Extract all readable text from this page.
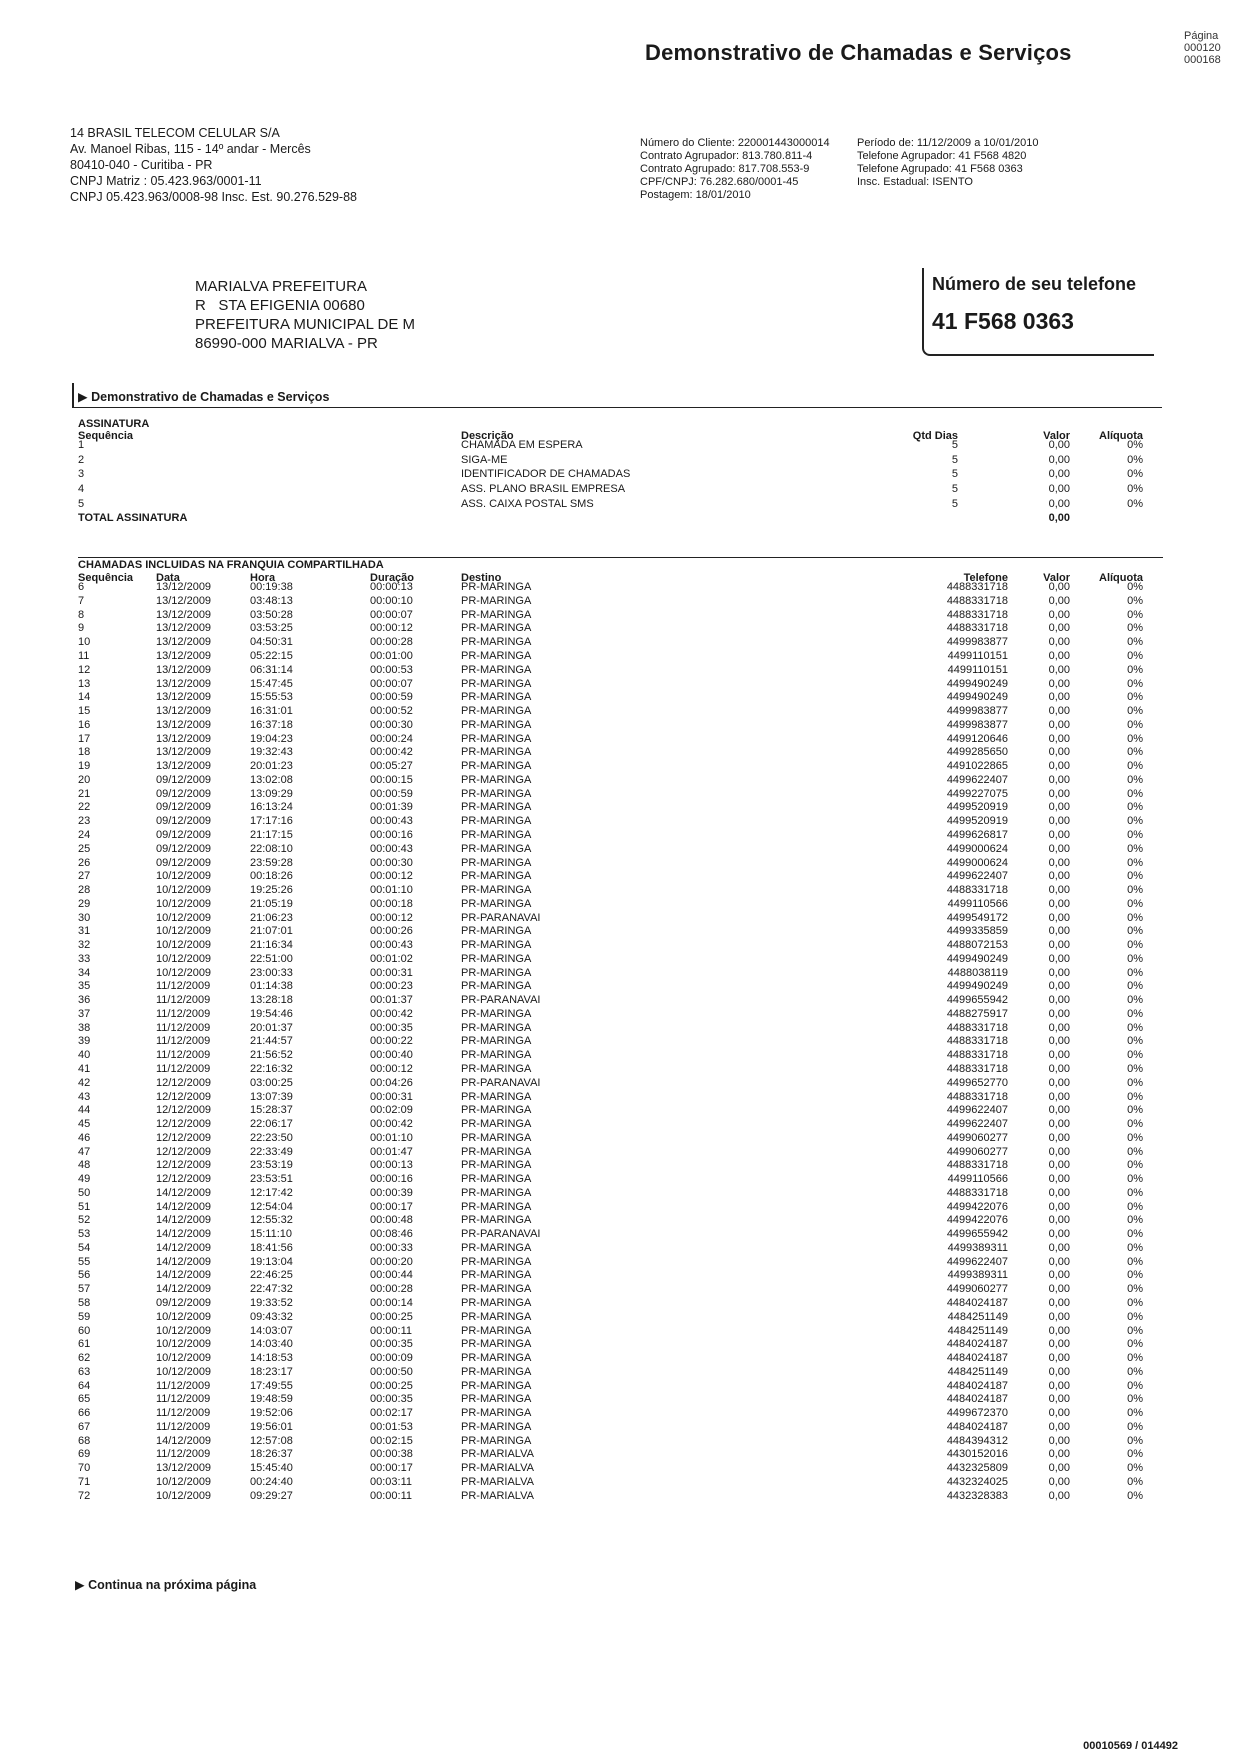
Demonstrativo de Chamadas e Serviços
Página
000120
000168
14 BRASIL TELECOM CELULAR S/A
Av. Manoel Ribas, 115 - 14º andar - Mercês
80410-040 - Curitiba - PR
CNPJ Matriz : 05.423.963/0001-11
CNPJ 05.423.963/0008-98 Insc. Est. 90.276.529-88
Número do Cliente: 220001443000014
Contrato Agrupador: 813.780.811-4
Contrato Agrupado: 817.708.553-9
CPF/CNPJ: 76.282.680/0001-45
Postagem: 18/01/2010
Período de: 11/12/2009 a 10/01/2010
Telefone Agrupador: 41 F568 4820
Telefone Agrupado: 41 F568 0363
Insc. Estadual: ISENTO
MARIALVA PREFEITURA
R   STA EFIGENIA 00680
PREFEITURA MUNICIPAL DE M
86990-000 MARIALVA - PR
Número de seu telefone
41 F568 0363
▶ Demonstrativo de Chamadas e Serviços
ASSINATURA
Sequência	Descrição	Qtd Dias	Valor	Alíquota
1	CHAMADA EM ESPERA	5	0,00	0%
2	SIGA-ME	5	0,00	0%
3	IDENTIFICADOR DE CHAMADAS	5	0,00	0%
4	ASS. PLANO BRASIL EMPRESA	5	0,00	0%
5	ASS. CAIXA POSTAL SMS	5	0,00	0%
TOTAL ASSINATURA	0,00
CHAMADAS INCLUIDAS NA FRANQUIA COMPARTILHADA
Sequência Data	Hora	Duração	Destino	Telefone	Valor	Alíquota
6	13/12/2009	00:19:38	00:00:13	PR-MARINGA	4488331718	0,00	0%
7	13/12/2009	03:48:13	00:00:10	PR-MARINGA	4488331718	0,00	0%
8	13/12/2009	03:50:28	00:00:07	PR-MARINGA	4488331718	0,00	0%
9	13/12/2009	03:53:25	00:00:12	PR-MARINGA	4488331718	0,00	0%
10	13/12/2009	04:50:31	00:00:28	PR-MARINGA	4499983877	0,00	0%
11	13/12/2009	05:22:15	00:01:00	PR-MARINGA	4499110151	0,00	0%
12	13/12/2009	06:31:14	00:00:53	PR-MARINGA	4499110151	0,00	0%
13	13/12/2009	15:47:45	00:00:07	PR-MARINGA	4499490249	0,00	0%
14	13/12/2009	15:55:53	00:00:59	PR-MARINGA	4499490249	0,00	0%
15	13/12/2009	16:31:01	00:00:52	PR-MARINGA	4499983877	0,00	0%
16	13/12/2009	16:37:18	00:00:30	PR-MARINGA	4499983877	0,00	0%
17	13/12/2009	19:04:23	00:00:24	PR-MARINGA	4499120646	0,00	0%
18	13/12/2009	19:32:43	00:00:42	PR-MARINGA	4499285650	0,00	0%
19	13/12/2009	20:01:23	00:05:27	PR-MARINGA	4491022865	0,00	0%
20	09/12/2009	13:02:08	00:00:15	PR-MARINGA	4499622407	0,00	0%
21	09/12/2009	13:09:29	00:00:59	PR-MARINGA	4499227075	0,00	0%
22	09/12/2009	16:13:24	00:01:39	PR-MARINGA	4499520919	0,00	0%
23	09/12/2009	17:17:16	00:00:43	PR-MARINGA	4499520919	0,00	0%
24	09/12/2009	21:17:15	00:00:16	PR-MARINGA	4499626817	0,00	0%
25	09/12/2009	22:08:10	00:00:43	PR-MARINGA	4499000624	0,00	0%
26	09/12/2009	23:59:28	00:00:30	PR-MARINGA	4499000624	0,00	0%
27	10/12/2009	00:18:26	00:00:12	PR-MARINGA	4499622407	0,00	0%
28	10/12/2009	19:25:26	00:01:10	PR-MARINGA	4488331718	0,00	0%
29	10/12/2009	21:05:19	00:00:18	PR-MARINGA	4499110566	0,00	0%
30	10/12/2009	21:06:23	00:00:12	PR-PARANAVAI	4499549172	0,00	0%
31	10/12/2009	21:07:01	00:00:26	PR-MARINGA	4499335859	0,00	0%
32	10/12/2009	21:16:34	00:00:43	PR-MARINGA	4488072153	0,00	0%
33	10/12/2009	22:51:00	00:01:02	PR-MARINGA	4499490249	0,00	0%
34	10/12/2009	23:00:33	00:00:31	PR-MARINGA	4488038119	0,00	0%
35	11/12/2009	01:14:38	00:00:23	PR-MARINGA	4499490249	0,00	0%
36	11/12/2009	13:28:18	00:01:37	PR-PARANAVAI	4499655942	0,00	0%
37	11/12/2009	19:54:46	00:00:42	PR-MARINGA	4488275917	0,00	0%
38	11/12/2009	20:01:37	00:00:35	PR-MARINGA	4488331718	0,00	0%
39	11/12/2009	21:44:57	00:00:22	PR-MARINGA	4488331718	0,00	0%
40	11/12/2009	21:56:52	00:00:40	PR-MARINGA	4488331718	0,00	0%
41	11/12/2009	22:16:32	00:00:12	PR-MARINGA	4488331718	0,00	0%
42	12/12/2009	03:00:25	00:04:26	PR-PARANAVAI	4499652770	0,00	0%
43	12/12/2009	13:07:39	00:00:31	PR-MARINGA	4488331718	0,00	0%
44	12/12/2009	15:28:37	00:02:09	PR-MARINGA	4499622407	0,00	0%
45	12/12/2009	22:06:17	00:00:42	PR-MARINGA	4499622407	0,00	0%
46	12/12/2009	22:23:50	00:01:10	PR-MARINGA	4499060277	0,00	0%
47	12/12/2009	22:33:49	00:01:47	PR-MARINGA	4499060277	0,00	0%
48	12/12/2009	23:53:19	00:00:13	PR-MARINGA	4488331718	0,00	0%
49	12/12/2009	23:53:51	00:00:16	PR-MARINGA	4499110566	0,00	0%
50	14/12/2009	12:17:42	00:00:39	PR-MARINGA	4488331718	0,00	0%
51	14/12/2009	12:54:04	00:00:17	PR-MARINGA	4499422076	0,00	0%
52	14/12/2009	12:55:32	00:00:48	PR-MARINGA	4499422076	0,00	0%
53	14/12/2009	15:11:10	00:08:46	PR-PARANAVAI	4499655942	0,00	0%
54	14/12/2009	18:41:56	00:00:33	PR-MARINGA	4499389311	0,00	0%
55	14/12/2009	19:13:04	00:00:20	PR-MARINGA	4499622407	0,00	0%
56	14/12/2009	22:46:25	00:00:44	PR-MARINGA	4499389311	0,00	0%
57	14/12/2009	22:47:32	00:00:28	PR-MARINGA	4499060277	0,00	0%
58	09/12/2009	19:33:52	00:00:14	PR-MARINGA	4484024187	0,00	0%
59	10/12/2009	09:43:32	00:00:25	PR-MARINGA	4484251149	0,00	0%
60	10/12/2009	14:03:07	00:00:11	PR-MARINGA	4484251149	0,00	0%
61	10/12/2009	14:03:40	00:00:35	PR-MARINGA	4484024187	0,00	0%
62	10/12/2009	14:18:53	00:00:09	PR-MARINGA	4484024187	0,00	0%
63	10/12/2009	18:23:17	00:00:50	PR-MARINGA	4484251149	0,00	0%
64	11/12/2009	17:49:55	00:00:25	PR-MARINGA	4484024187	0,00	0%
65	11/12/2009	19:48:59	00:00:35	PR-MARINGA	4484024187	0,00	0%
66	11/12/2009	19:52:06	00:02:17	PR-MARINGA	4499672370	0,00	0%
67	11/12/2009	19:56:01	00:01:53	PR-MARINGA	4484024187	0,00	0%
68	14/12/2009	12:57:08	00:02:15	PR-MARINGA	4484394312	0,00	0%
69	11/12/2009	18:26:37	00:00:38	PR-MARIALVA	4430152016	0,00	0%
70	13/12/2009	15:45:40	00:00:17	PR-MARIALVA	4432325809	0,00	0%
71	10/12/2009	00:24:40	00:03:11	PR-MARIALVA	4432324025	0,00	0%
72	10/12/2009	09:29:27	00:00:11	PR-MARIALVA	4432328383	0,00	0%
▶ Continua na próxima página
00010569 / 014492
